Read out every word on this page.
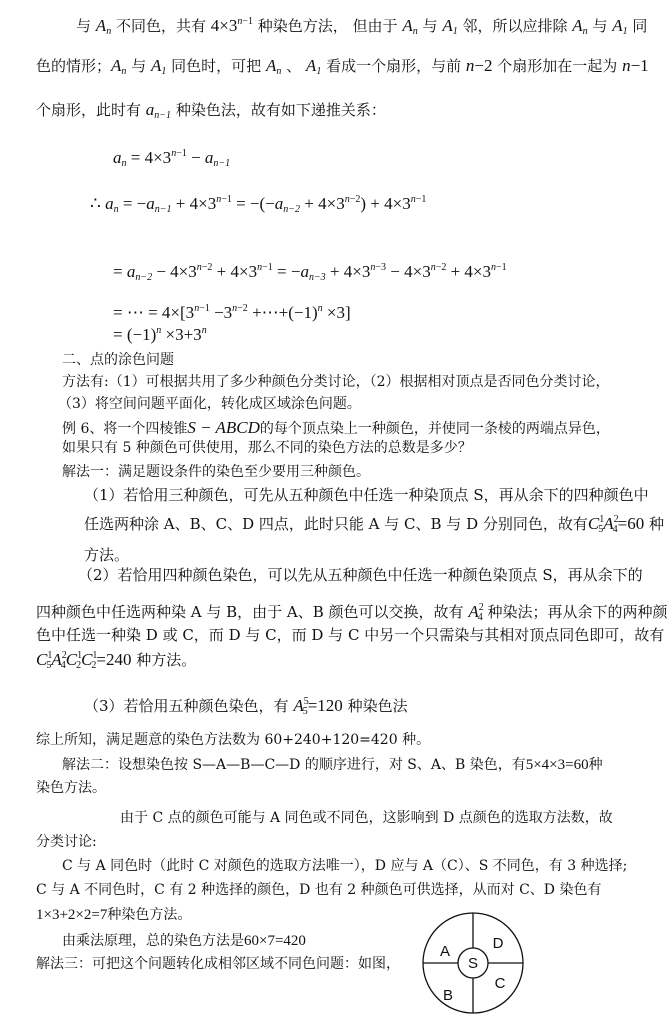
与 $A_n$ 不同色，共有 $4\times 3^{n-1}$ 种染色方法， 但由于 $A_n$ 与 $A_1$ 邻，所以应排除 $A_n$ 与 $A_1$ 同
色的情形；$A_n$ 与 $A_1$ 同色时，可把 $A_n$ 、 $A_1$ 看成一个扇形，与前 n−2 个扇形加在一起为 n−1
个扇形，此时有 $a_{n-1}$ 种染色法，故有如下递推关系：
$a_n = 4\times 3^{n-1} - a_{n-1}$
∴ $a_n = -a_{n-1} + 4\times 3^{n-1} = -(-a_{n-2} + 4\times 3^{n-2}) + 4\times 3^{n-1}$
= $a_{n-2} - 4\times 3^{n-2} + 4\times 3^{n-1} = -a_{n-3} + 4\times 3^{n-3} - 4\times 3^{n-2} + 4\times 3^{n-1}$
= ⋯ = $4\times[3^{n-1} -3^{n-2}$ $+\cdots+(-1)^n \times 3$]
= $(-1)^n \times 3+3^n$
二、点的涂色问题
方法有:（1）可根据共用了多少种颜色分类讨论，（2）根据相对顶点是否同色分类讨论，
（3）将空间问题平面化，转化成区域涂色问题。
例 6、将一个四棱锥S − ABCD的每个顶点染上一种颜色，并使同一条棱的两端点异色，
如果只有 5 种颜色可供使用，那么不同的染色方法的总数是多少？
解法一：满足题设条件的染色至少要用三种颜色。
（1）若恰用三种颜色，可先从五种颜色中任选一种染顶点 S，再从余下的四种颜色中
任选两种涂 A、B、C、D 四点，此时只能 A 与 C、B 与 D 分别同色，故有$C^1_5A^2_4=60$ 种
方法。
（2）若恰用四种颜色染色，可以先从五种颜色中任选一种颜色染顶点 S，再从余下的
四种颜色中任选两种染 A 与 B，由于 A、B 颜色可以交换，故有 $A^2_4$ 种染法；再从余下的两种颜
色中任选一种染 D 或 C，而 D 与 C，而 D 与 C 中另一个只需染与其相对顶点同色即可，故有
$C^1_5A^2_4C^1_2C^1_2=240$ 种方法。
（3）若恰用五种颜色染色，有 $A^5_5=120$ 种染色法
综上所知，满足题意的染色方法数为 60+240+120=420 种。
解法二：设想染色按 S—A—B—C—D 的顺序进行，对 S、A、B 染色，有5×4×3=60种
染色方法。
由于 C 点的颜色可能与 A 同色或不同色，这影响到 D 点颜色的选取方法数，故
分类讨论:
C 与 A 同色时（此时 C 对颜色的选取方法唯一），D 应与 A（C）、S 不同色，有 3 种选择;
C 与 A 不同色时，C 有 2 种选择的颜色，D 也有 2 种颜色可供选择，从而对 C、D 染色有
1×3+2×2=7种染色方法。
由乘法原理，总的染色方法是60×7=420
解法三：可把这个问题转化成相邻区域不同色问题：如图，
A	D
S
B
C
